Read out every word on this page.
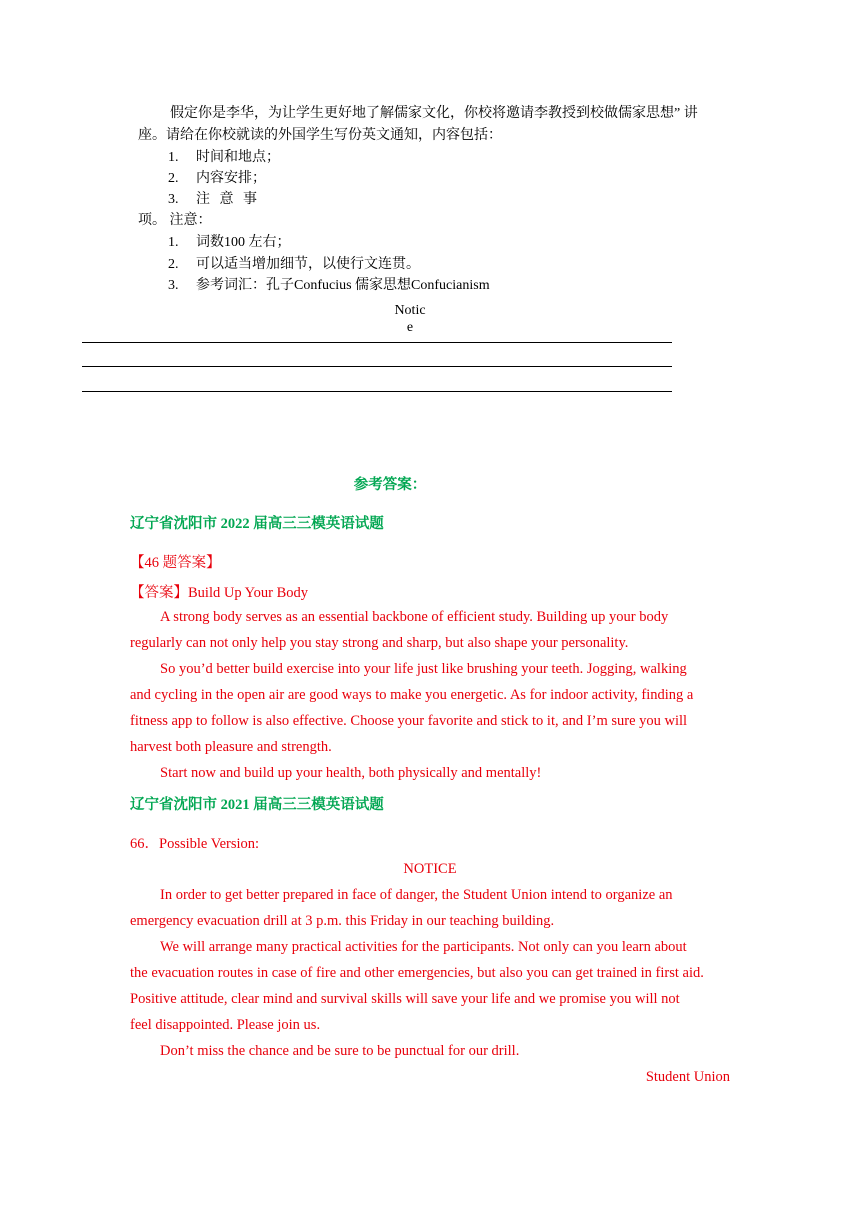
假定你是李华，为让学生更好地了解儒家文化，你校将邀请李教授到校做儒家思想” 讲
座。请给在你校就读的外国学生写份英文通知，内容包括：
1. 时间和地点；
2. 内容安排；
3. 注 意 事
项。 注意：
1. 词数100 左右；
2. 可以适当增加细节，以使行文连贯。
3. 参考词汇：孔子Confucius 儒家思想Confucianism
Notic
e
参考答案：
辽宁省沈阳市 2022 届高三三模英语试题
【46 题答案】
【答案】Build Up Your Body
A strong body serves as an essential backbone of efficient study. Building up your body
regularly can not only help you stay strong and sharp, but also shape your personality.
So you’d better build exercise into your life just like brushing your teeth. Jogging, walking
and cycling in the open air are good ways to make you energetic. As for indoor activity, finding a
fitness app to follow is also effective. Choose your favorite and stick to it, and I’m sure you will
harvest both pleasure and strength.
Start now and build up your health, both physically and mentally!
辽宁省沈阳市 2021 届高三三模英语试题
66．Possible Version:
NOTICE
In order to get better prepared in face of danger, the Student Union intend to organize an
emergency evacuation drill at 3 p.m. this Friday in our teaching building.
We will arrange many practical activities for the participants. Not only can you learn about
the evacuation routes in case of fire and other emergencies, but also you can get trained in first aid.
Positive attitude, clear mind and survival skills will save your life and we promise you will not
feel disappointed. Please join us.
Don’t miss the chance and be sure to be punctual for our drill.
Student Union
